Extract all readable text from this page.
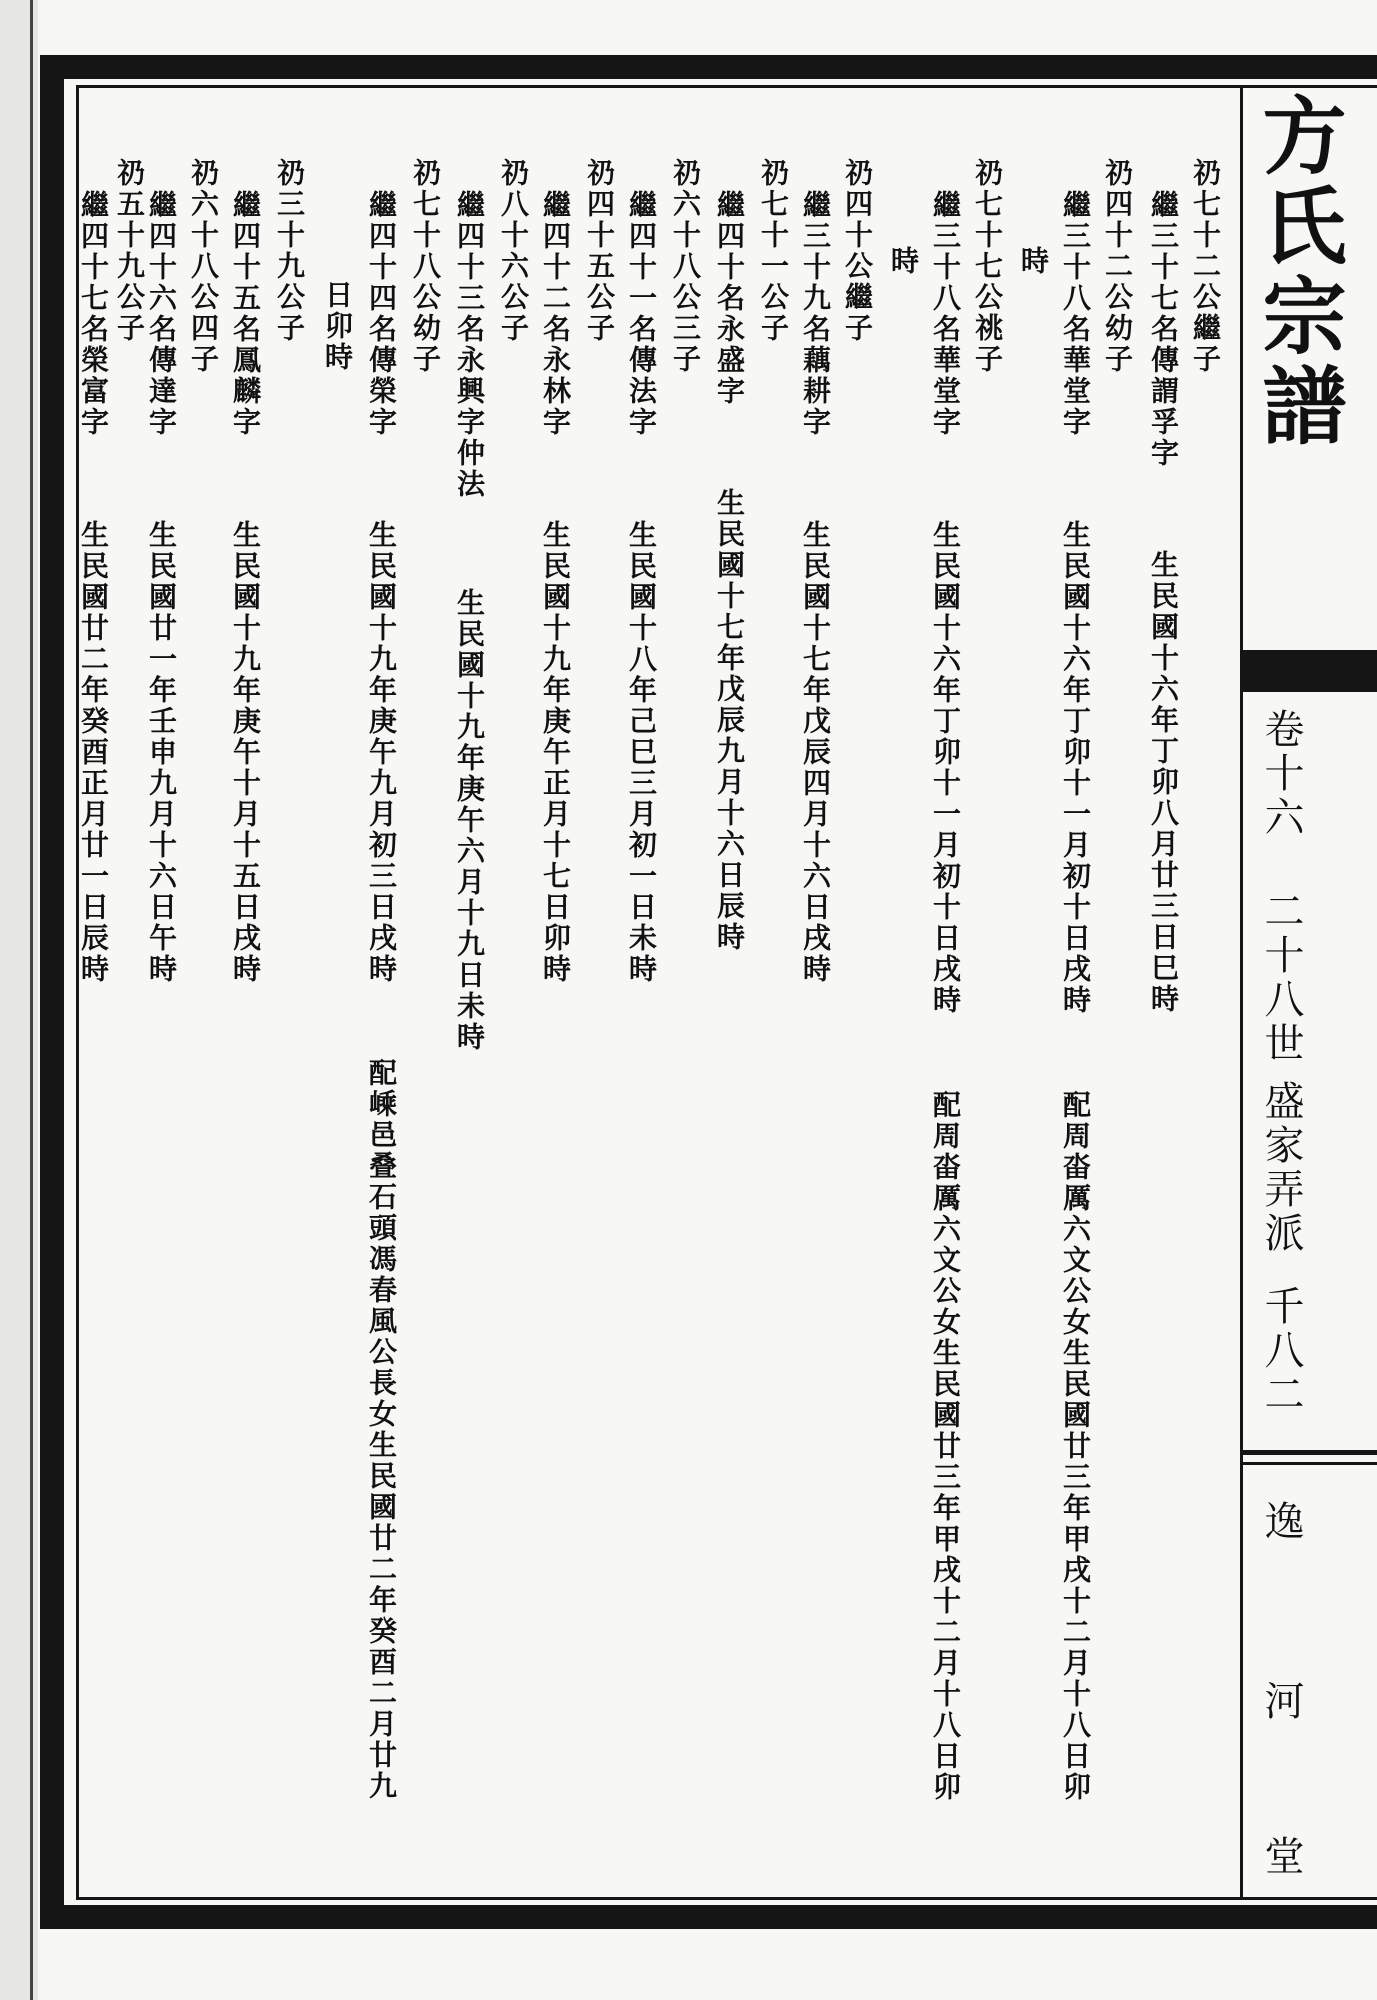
方氏宗譜
卷十六
二十八世
盛家弄派
千八二
逸
河
堂
礽七十二公繼子
繼三十七名傳謂孚字
生民國十六年丁卯八月廿三日巳時
礽四十二公幼子
繼三十八名華堂字
生民國十六年丁卯十一月初十日戌時
配周畓厲六文公女生民國廿三年甲戌十二月十八日卯
時
礽七十七公祧子
繼三十八名華堂字
生民國十六年丁卯十一月初十日戌時
配周畓厲六文公女生民國廿三年甲戌十二月十八日卯
時
礽四十公繼子
繼三十九名藕耕字
生民國十七年戊辰四月十六日戌時
礽七十一公子
繼四十名永盛字
生民國十七年戊辰九月十六日辰時
礽六十八公三子
繼四十一名傳法字
生民國十八年己巳三月初一日未時
礽四十五公子
繼四十二名永林字
生民國十九年庚午正月十七日卯時
礽八十六公子
繼四十三名永興字仲法
生民國十九年庚午六月十九日未時
礽七十八公幼子
繼四十四名傳榮字
生民國十九年庚午九月初三日戌時
配嵊邑叠石頭馮春風公長女生民國廿二年癸酉二月廿九
日卯時
礽三十九公子
繼四十五名鳳麟字
生民國十九年庚午十月十五日戌時
礽六十八公四子
繼四十六名傳達字
生民國廿一年壬申九月十六日午時
礽五十九公子
繼四十七名榮富字
生民國廿二年癸酉正月廿一日辰時
